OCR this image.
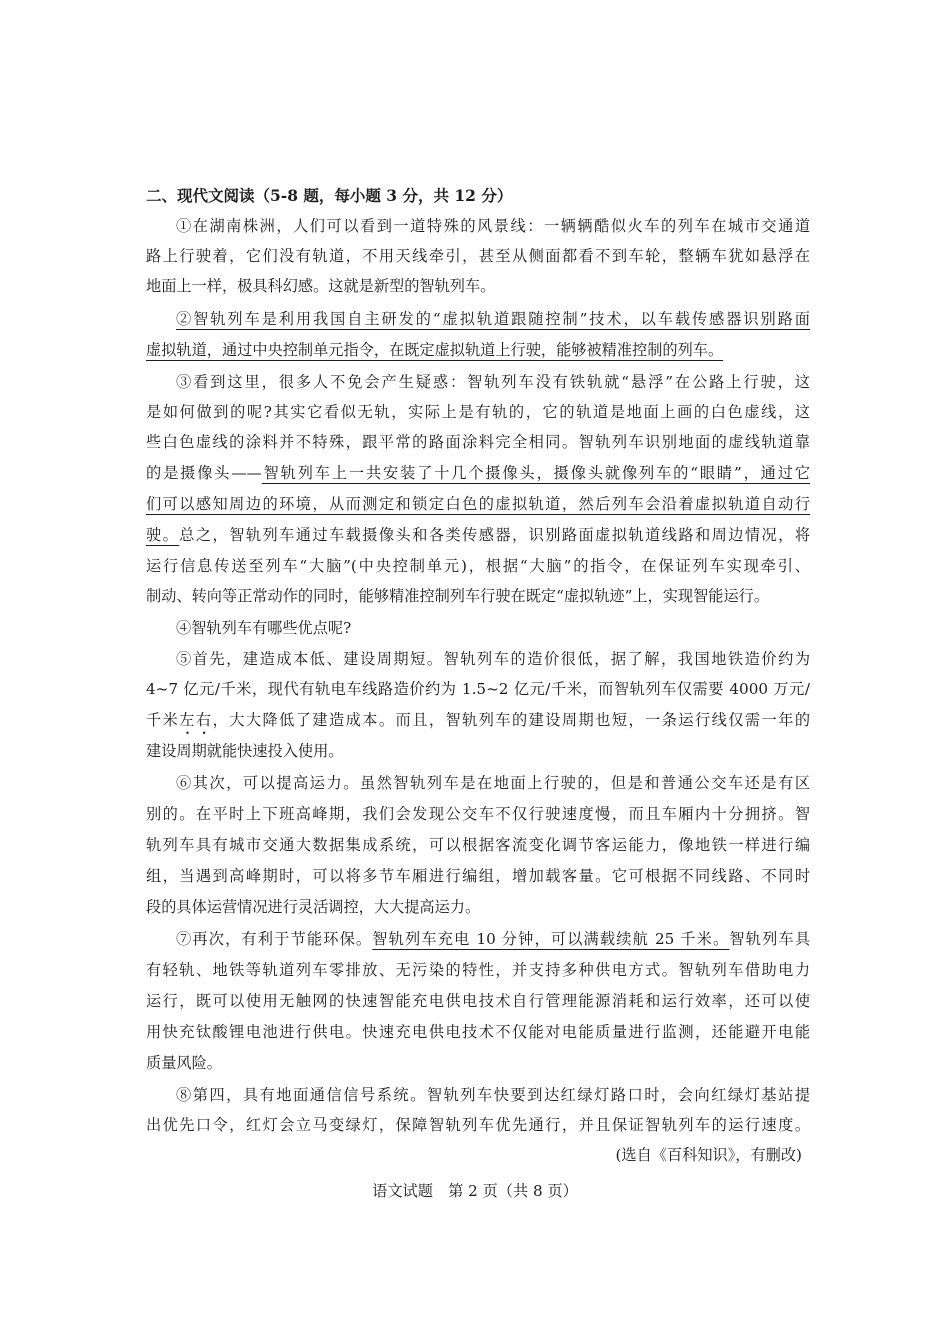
二、现代文阅读（5-8 题，每小题 3 分，共 12 分）
①在湖南株洲，人们可以看到一道特殊的风景线：一辆辆酷似火车的列车在城市交通道
路上行驶着，它们没有轨道，不用天线牵引，甚至从侧面都看不到车轮，整辆车犹如悬浮在
地面上一样，极具科幻感。这就是新型的智轨列车。
②智轨列车是利用我国自主研发的“虚拟轨道跟随控制”技术，以车载传感器识别路面
虚拟轨道，通过中央控制单元指令，在既定虚拟轨道上行驶，能够被精准控制的列车。
③看到这里，很多人不免会产生疑惑：智轨列车没有铁轨就“悬浮”在公路上行驶，这
是如何做到的呢?其实它看似无轨，实际上是有轨的，它的轨道是地面上画的白色虚线，这
些白色虚线的涂料并不特殊，跟平常的路面涂料完全相同。智轨列车识别地面的虚线轨道靠
的是摄像头——智轨列车上一共安装了十几个摄像头，摄像头就像列车的“眼睛”，通过它
们可以感知周边的环境，从而测定和锁定白色的虚拟轨道，然后列车会沿着虚拟轨道自动行
驶。总之，智轨列车通过车载摄像头和各类传感器，识别路面虚拟轨道线路和周边情况，将
运行信息传送至列车“大脑”(中央控制单元)，根据“大脑”的指令，在保证列车实现牵引、
制动、转向等正常动作的同时，能够精准控制列车行驶在既定“虚拟轨迹”上，实现智能运行。
④智轨列车有哪些优点呢?
⑤首先，建造成本低、建设周期短。智轨列车的造价很低，据了解，我国地铁造价约为
4~7 亿元/千米，现代有轨电车线路造价约为 1.5~2 亿元/千米，而智轨列车仅需要 4000 万元/
千米左右，大大降低了建造成本。而且，智轨列车的建设周期也短，一条运行线仅需一年的
建设周期就能快速投入使用。
⑥其次，可以提高运力。虽然智轨列车是在地面上行驶的，但是和普通公交车还是有区
别的。在平时上下班高峰期，我们会发现公交车不仅行驶速度慢，而且车厢内十分拥挤。智
轨列车具有城市交通大数据集成系统，可以根据客流变化调节客运能力，像地铁一样进行编
组，当遇到高峰期时，可以将多节车厢进行编组，增加载客量。它可根据不同线路、不同时
段的具体运营情况进行灵活调控，大大提高运力。
⑦再次，有利于节能环保。智轨列车充电 10 分钟，可以满载续航 25 千米。智轨列车具
有轻轨、地铁等轨道列车零排放、无污染的特性，并支持多种供电方式。智轨列车借助电力
运行，既可以使用无触网的快速智能充电供电技术自行管理能源消耗和运行效率，还可以使
用快充钛酸锂电池进行供电。快速充电供电技术不仅能对电能质量进行监测，还能避开电能
质量风险。
⑧第四，具有地面通信信号系统。智轨列车快要到达红绿灯路口时，会向红绿灯基站提
出优先口令，红灯会立马变绿灯，保障智轨列车优先通行，并且保证智轨列车的运行速度。
(选自《百科知识》，有删改)
语文试题　第 2 页（共 8 页）
